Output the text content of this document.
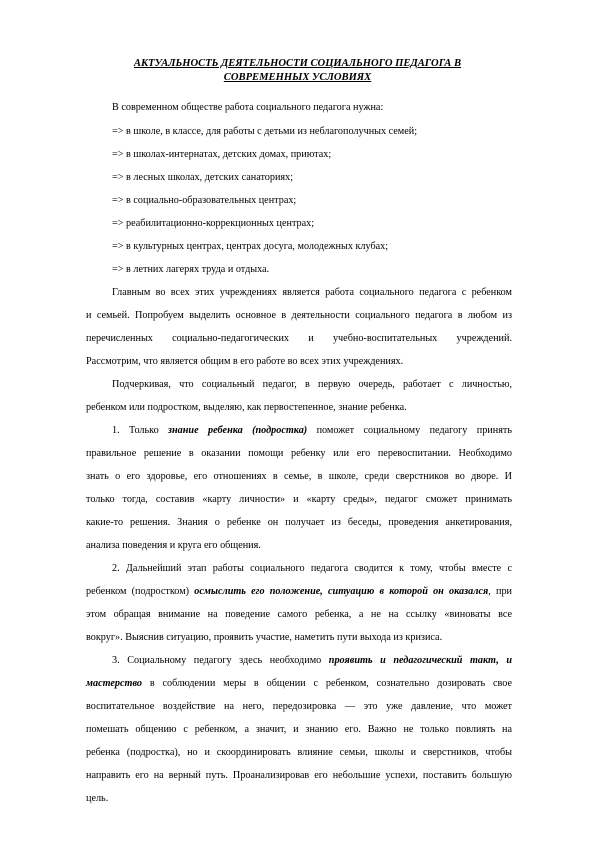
АКТУАЛЬНОСТЬ ДЕЯТЕЛЬНОСТИ СОЦИАЛЬНОГО ПЕДАГОГА В
СОВРЕМЕННЫХ УСЛОВИЯХ
В современном обществе работа социального педагога нужна:
=> в школе, в классе, для работы с детьми из неблагополучных семей;
=> в школах-интернатах, детских домах, приютах;
=> в лесных школах, детских санаториях;
=> в социально-образовательных центрах;
=> реабилитационно-коррекционных центрах;
=> в культурных центрах, центрах досуга, молодежных клубах;
=> в летних лагерях труда и отдыха.
Главным во всех этих учреждениях является работа социального педагога с ребенком
и семьей. Попробуем выделить основное в деятельности социального педагога в любом из
перечисленных социально-педагогических и учебно-воспитательных учреждений.
Рассмотрим, что является общим в его работе во всех этих учреждениях.
Подчеркивая, что социальный педагог, в первую очередь, работает с личностью,
ребенком или подростком, выделяю, как первостепенное, знание ребенка.
1. Только знание ребенка (подростка) поможет социальному педагогу принять
правильное решение в оказании помощи ребенку или его перевоспитании. Необходимо
знать о его здоровье, его отношениях в семье, в школе, среди сверстников во дворе. И
только тогда, составив «карту личности» и «карту среды», педагог сможет принимать
какие-то решения. Знания о ребенке он получает из беседы, проведения анкетирования,
анализа поведения и круга его общения.
2. Дальнейший этап работы социального педагога сводится к тому, чтобы вместе с
ребенком (подростком) осмыслить его положение, ситуацию в которой он оказался, при
этом обращая внимание на поведение самого ребенка, а не на ссылку «виноваты все
вокруг». Выяснив ситуацию, проявить участие, наметить пути выхода из кризиса.
3. Социальному педагогу здесь необходимо проявить и педагогический такт, и
мастерство в соблюдении меры в общении с ребенком, сознательно дозировать свое
воспитательное воздействие на него, передозировка — это уже давление, что может
помешать общению с ребенком, а значит, и знанию его. Важно не только повлиять на
ребенка (подростка), но и скоординировать влияние семьи, школы и сверстников, чтобы
направить его на верный путь. Проанализировав его небольшие успехи, поставить большую
цель.
